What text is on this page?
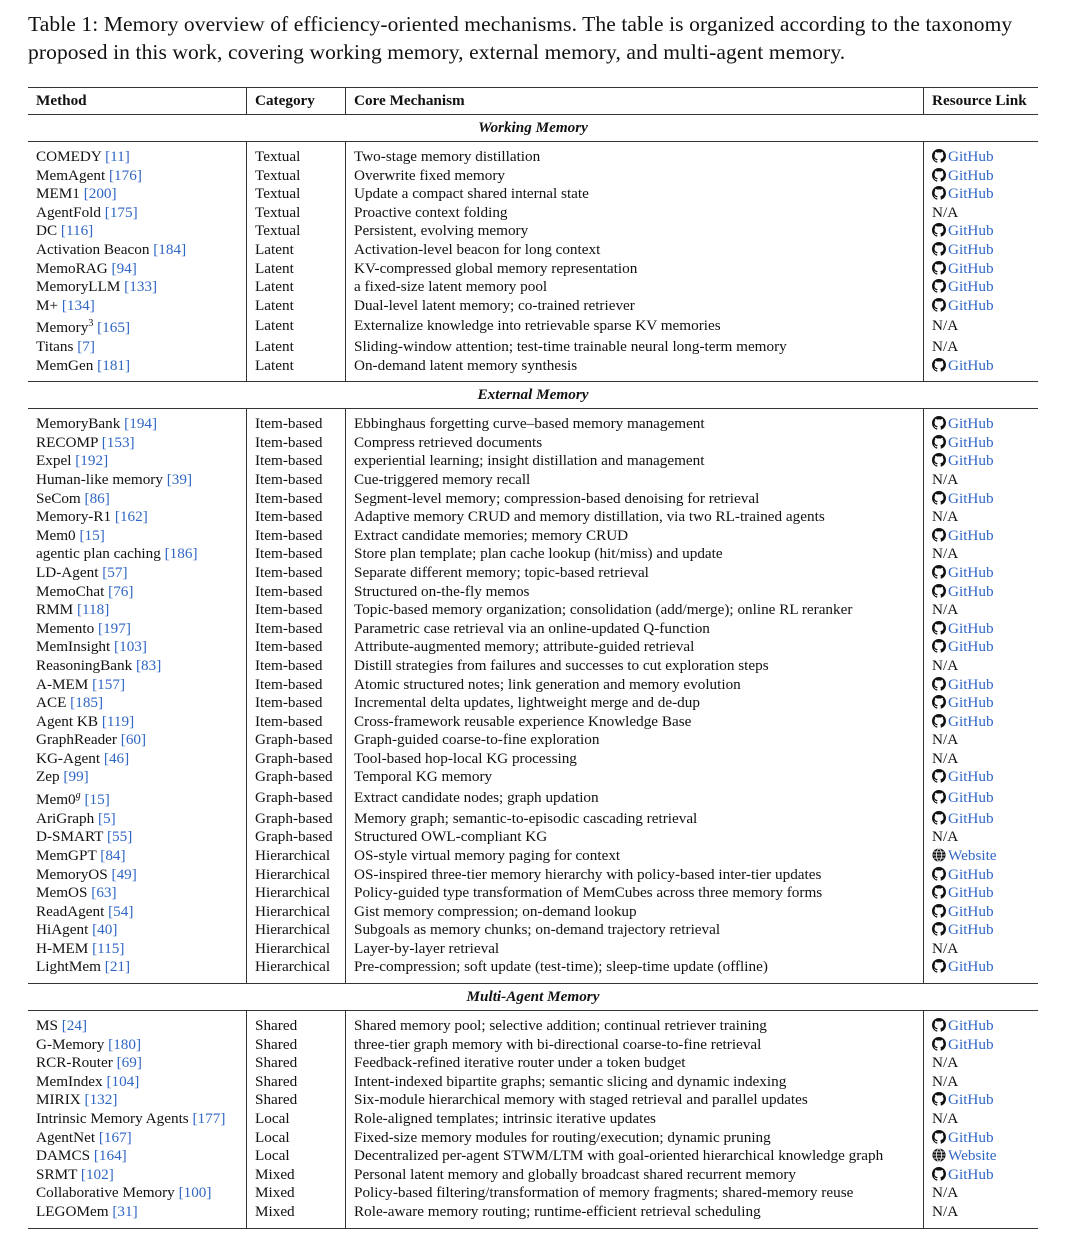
Table 1: Memory overview of efficiency-oriented mechanisms. The table is organized according to the taxonomy proposed in this work, covering working memory, external memory, and multi-agent memory.
Method	Category	Core Mechanism	Resource Link
Working Memory			

COMEDY [11]	Textual	Two-stage memory distillation	GitHub
MemAgent [176]	Textual	Overwrite fixed memory	GitHub
MEM1 [200]	Textual	Update a compact shared internal state	GitHub
AgentFold [175]	Textual	Proactive context folding	N/A
DC [116]	Textual	Persistent, evolving memory	GitHub
Activation Beacon [184]	Latent	Activation-level beacon for long context	GitHub
MemoRAG [94]	Latent	KV-compressed global memory representation	GitHub
MemoryLLM [133]	Latent	a fixed-size latent memory pool	GitHub
M+ [134]	Latent	Dual-level latent memory; co-trained retriever	GitHub
Memory$^3$ [165]	Latent	Externalize knowledge into retrievable sparse KV memories	N/A
Titans [7]	Latent	Sliding-window attention; test-time trainable neural long-term memory	N/A
MemGen [181]	Latent	On-demand latent memory synthesis	GitHub

External Memory			

MemoryBank [194]	Item-based	Ebbinghaus forgetting curve–based memory management	GitHub
RECOMP [153]	Item-based	Compress retrieved documents	GitHub
Expel [192]	Item-based	experiential learning; insight distillation and management	GitHub
Human-like memory [39]	Item-based	Cue-triggered memory recall	N/A
SeCom [86]	Item-based	Segment-level memory; compression-based denoising for retrieval	GitHub
Memory-R1 [162]	Item-based	Adaptive memory CRUD and memory distillation, via two RL-trained agents	N/A
Mem0 [15]	Item-based	Extract candidate memories; memory CRUD	GitHub
agentic plan caching [186]	Item-based	Store plan template; plan cache lookup (hit/miss) and update	N/A
LD-Agent [57]	Item-based	Separate different memory; topic-based retrieval	GitHub
MemoChat [76]	Item-based	Structured on-the-fly memos	GitHub
RMM [118]	Item-based	Topic-based memory organization; consolidation (add/merge); online RL reranker	N/A
Memento [197]	Item-based	Parametric case retrieval via an online-updated Q-function	GitHub
MemInsight [103]	Item-based	Attribute-augmented memory; attribute-guided retrieval	GitHub
ReasoningBank [83]	Item-based	Distill strategies from failures and successes to cut exploration steps	N/A
A-MEM [157]	Item-based	Atomic structured notes; link generation and memory evolution	GitHub
ACE [185]	Item-based	Incremental delta updates, lightweight merge and de-dup	GitHub
Agent KB [119]	Item-based	Cross-framework reusable experience Knowledge Base	GitHub
GraphReader [60]	Graph-based	Graph-guided coarse-to-fine exploration	N/A
KG-Agent [46]	Graph-based	Tool-based hop-local KG processing	N/A
Zep [99]	Graph-based	Temporal KG memory	GitHub
Mem0$^g$ [15]	Graph-based	Extract candidate nodes; graph updation	GitHub
AriGraph [5]	Graph-based	Memory graph; semantic-to-episodic cascading retrieval	GitHub
D-SMART [55]	Graph-based	Structured OWL-compliant KG	N/A
MemGPT [84]	Hierarchical	OS-style virtual memory paging for context	Website
MemoryOS [49]	Hierarchical	OS-inspired three-tier memory hierarchy with policy-based inter-tier updates	GitHub
MemOS [63]	Hierarchical	Policy-guided type transformation of MemCubes across three memory forms	GitHub
ReadAgent [54]	Hierarchical	Gist memory compression; on-demand lookup	GitHub
HiAgent [40]	Hierarchical	Subgoals as memory chunks; on-demand trajectory retrieval	GitHub
H-MEM [115]	Hierarchical	Layer-by-layer retrieval	N/A
LightMem [21]	Hierarchical	Pre-compression; soft update (test-time); sleep-time update (offline)	GitHub

Multi-Agent Memory			

MS [24]	Shared	Shared memory pool; selective addition; continual retriever training	GitHub
G-Memory [180]	Shared	three-tier graph memory with bi-directional coarse-to-fine retrieval	GitHub
RCR-Router [69]	Shared	Feedback-refined iterative router under a token budget	N/A
MemIndex [104]	Shared	Intent-indexed bipartite graphs; semantic slicing and dynamic indexing	N/A
MIRIX [132]	Shared	Six-module hierarchical memory with staged retrieval and parallel updates	GitHub
Intrinsic Memory Agents [177]	Local	Role-aligned templates; intrinsic iterative updates	N/A
AgentNet [167]	Local	Fixed-size memory modules for routing/execution; dynamic pruning	GitHub
DAMCS [164]	Local	Decentralized per-agent STWM/LTM with goal-oriented hierarchical knowledge graph	Website
SRMT [102]	Mixed	Personal latent memory and globally broadcast shared recurrent memory	GitHub
Collaborative Memory [100]	Mixed	Policy-based filtering/transformation of memory fragments; shared-memory reuse	N/A
LEGOMem [31]	Mixed	Role-aware memory routing; runtime-efficient retrieval scheduling	N/A
